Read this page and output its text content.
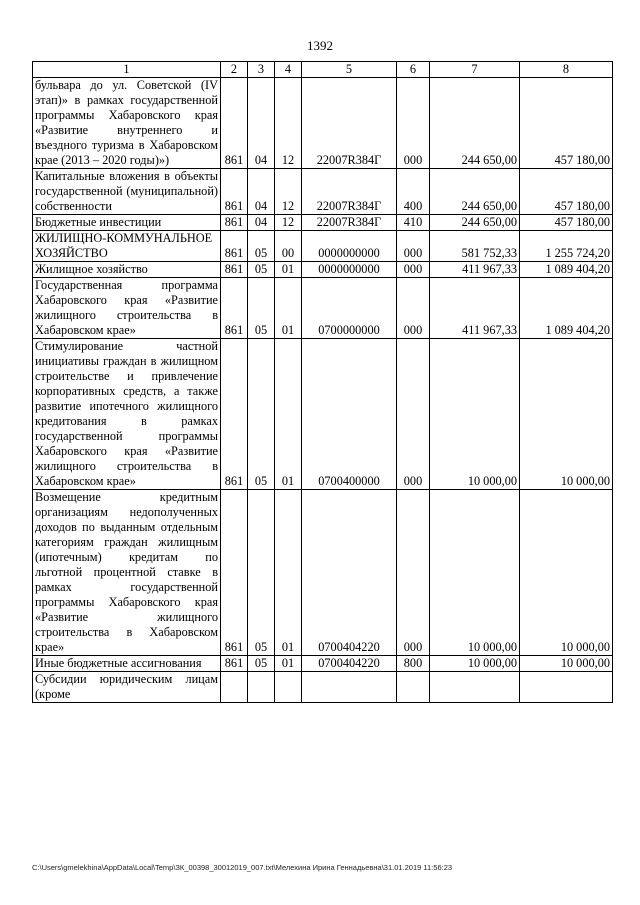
1392
1	2	3	4	5	6	7	8
бульвара до ул. Советской (IV этап)» в рамках государственной программы Хабаровского края «Развитие внутреннего и въездного туризма в Хабаровском крае (2013 – 2020 годы)»)	861	04	12	22007R384Г	000	244 650,00	457 180,00
Капитальные вложения в объекты государственной (муниципальной) собственности	861	04	12	22007R384Г	400	244 650,00	457 180,00
Бюджетные инвестиции	861	04	12	22007R384Г	410	244 650,00	457 180,00
ЖИЛИЩНО-КОММУНАЛЬНОЕ ХОЗЯЙСТВО	861	05	00	0000000000	000	581 752,33	1 255 724,20
Жилищное хозяйство	861	05	01	0000000000	000	411 967,33	1 089 404,20
Государственная программа Хабаровского края «Развитие жилищного строительства в Хабаровском крае»	861	05	01	0700000000	000	411 967,33	1 089 404,20
Стимулирование частной инициативы граждан в жилищном строительстве и привлечение корпоративных средств, а также развитие ипотечного жилищного кредитования в рамках государственной программы Хабаровского края «Развитие жилищного строительства в Хабаровском крае»	861	05	01	0700400000	000	10 000,00	10 000,00
Возмещение кредитным организациям недополученных доходов по выданным отдельным категориям граждан жилищным (ипотечным) кредитам по льготной процентной ставке в рамках государственной программы Хабаровского края «Развитие жилищного строительства в Хабаровском крае»	861	05	01	0700404220	000	10 000,00	10 000,00
Иные бюджетные ассигнования	861	05	01	0700404220	800	10 000,00	10 000,00
Субсидии юридическим лицам (кроме							
C:\Users\gmelekhina\AppData\Local\Temp\ЗК_00398_30012019_007.txt\Мелехина Ирина Геннадьевна\31.01.2019 11:56:23
